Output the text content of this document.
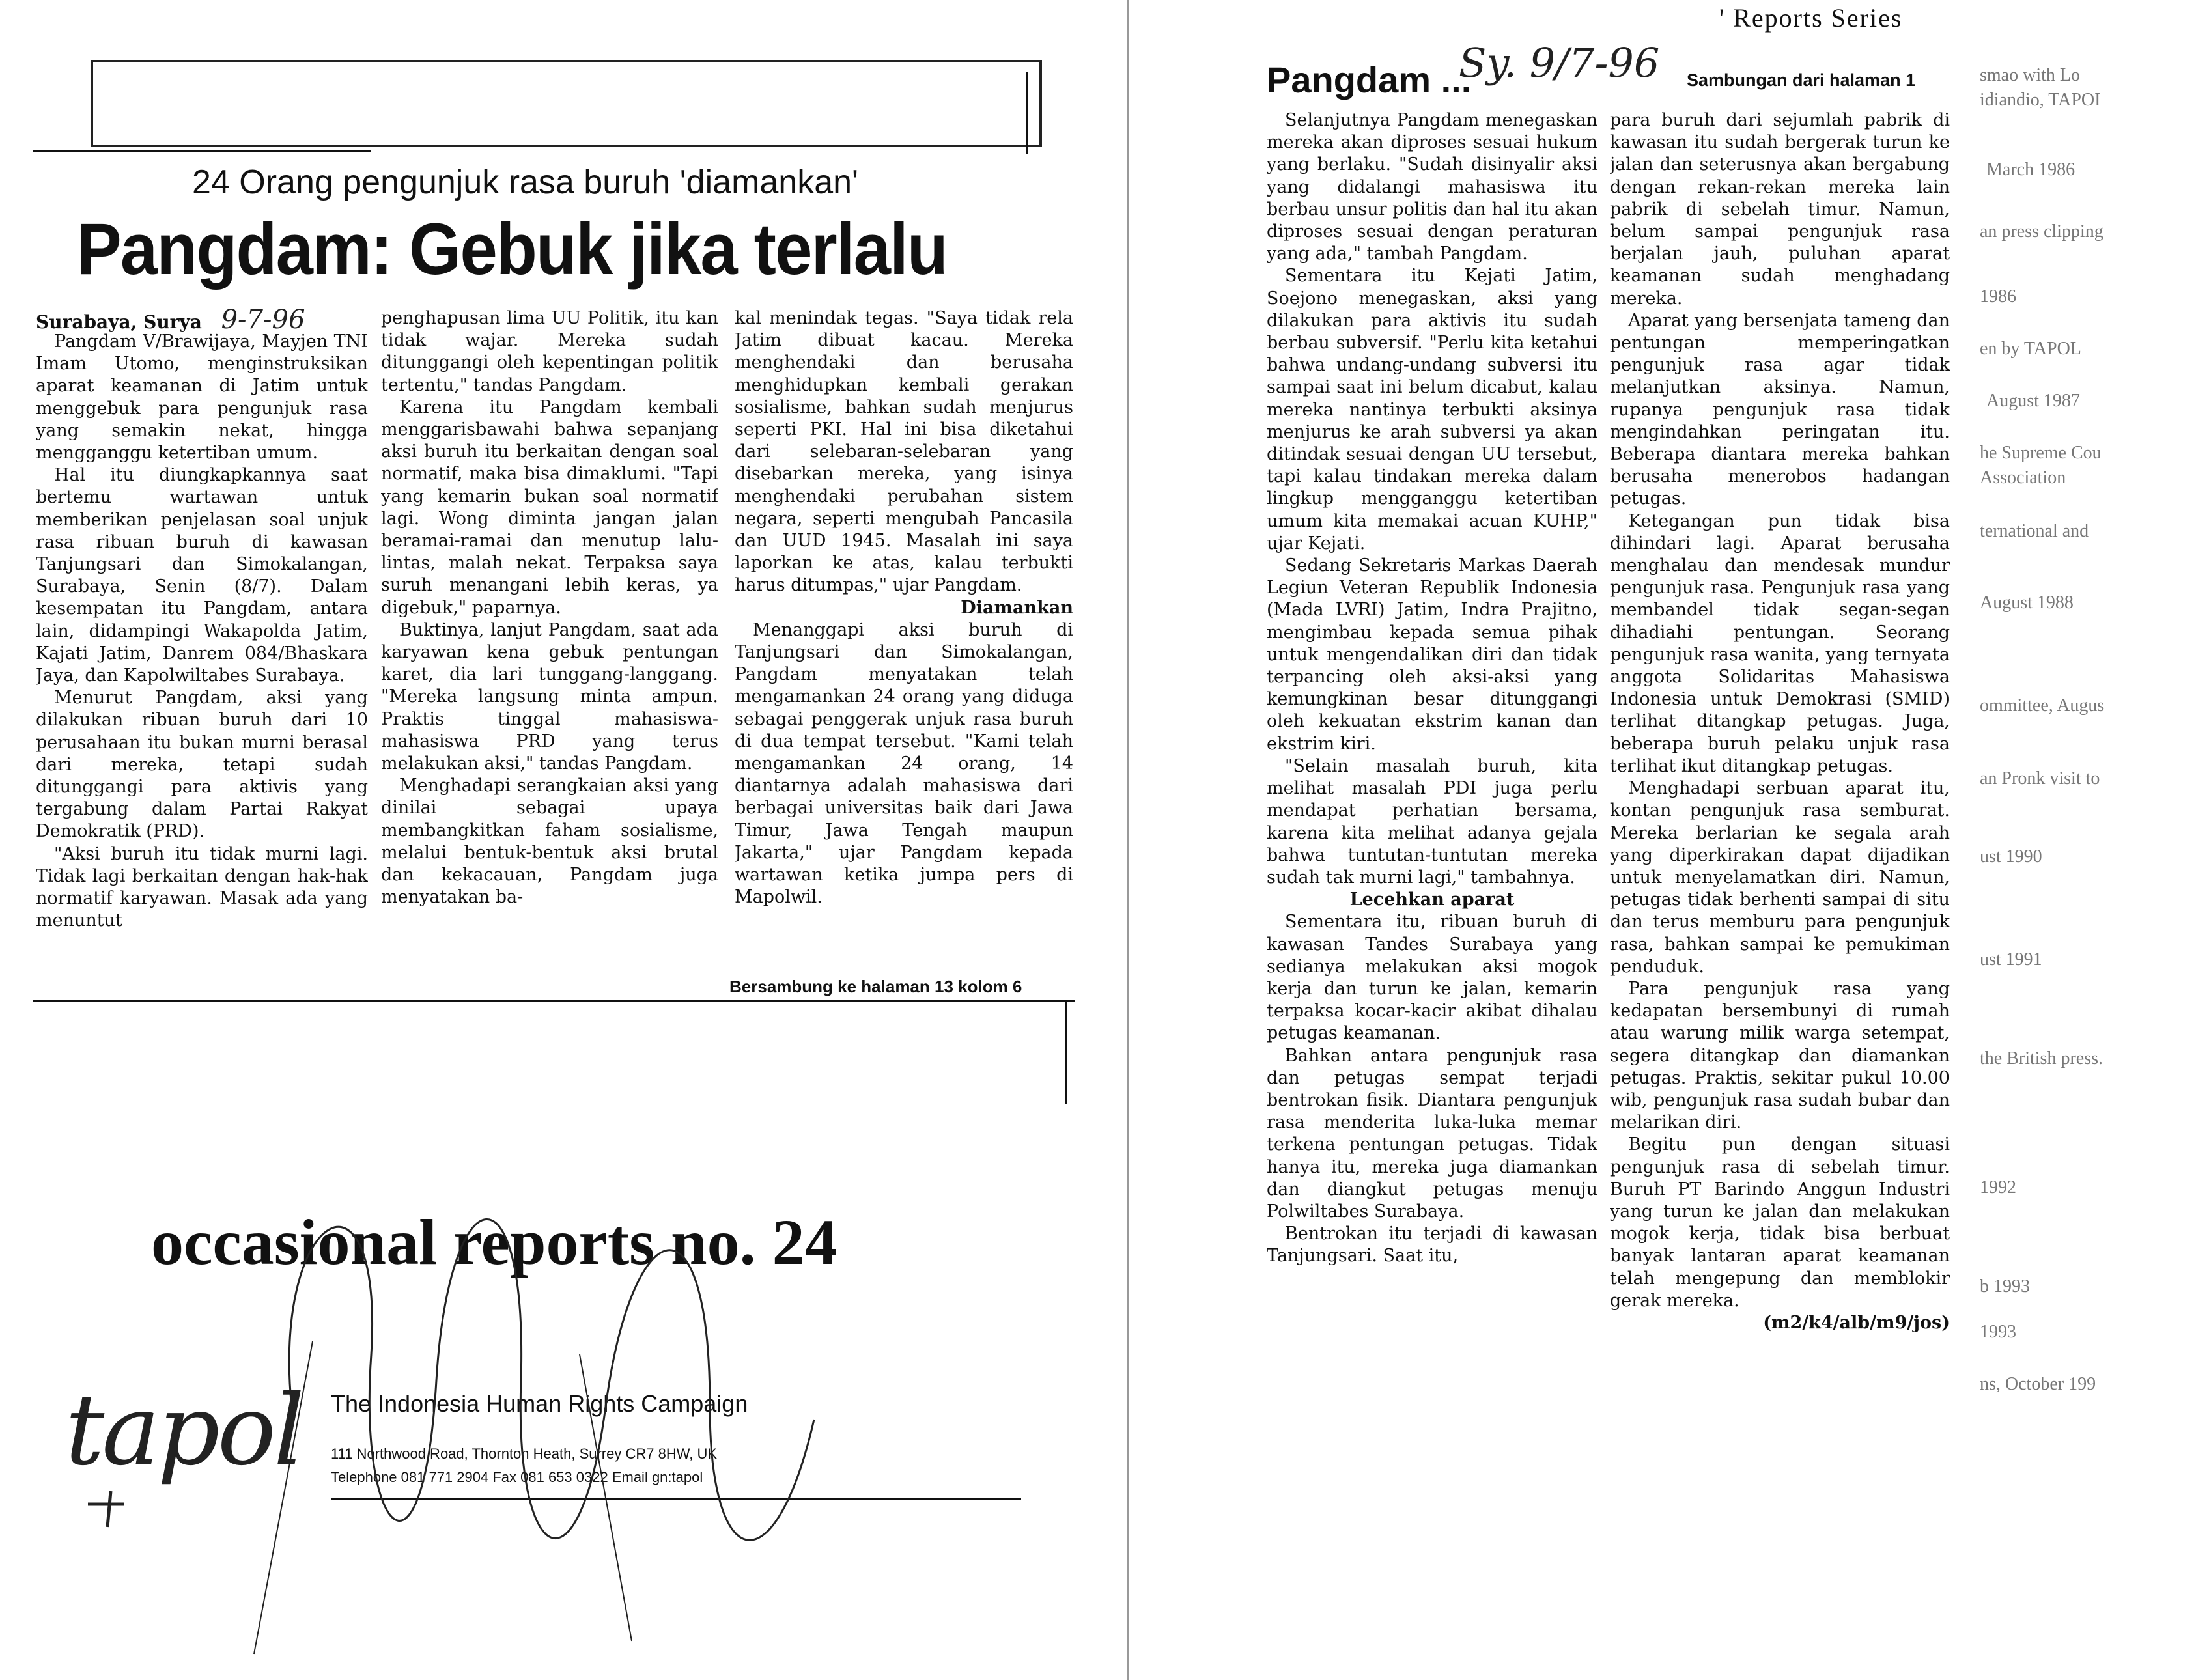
24 Orang pengunjuk rasa buruh 'diamankan'
Pangdam: Gebuk jika terlalu
Surabaya, Surya 9-7-96

Pangdam V/Brawijaya, Mayjen TNI Imam Utomo, menginstruksikan aparat keamanan di Jatim untuk menggebuk para pengunjuk rasa yang semakin nekat, hingga mengganggu ketertiban umum.

Hal itu diungkapkannya saat bertemu wartawan untuk memberikan penjelasan soal unjuk rasa ribuan buruh di kawasan Tanjungsari dan Simokalangan, Surabaya, Senin (8/7). Dalam kesempatan itu Pangdam, antara lain, didampingi Wakapolda Jatim, Kajati Jatim, Danrem 084/Bhaskara Jaya, dan Kapolwiltabes Surabaya.

Menurut Pangdam, aksi yang dilakukan ribuan buruh dari 10 perusahaan itu bukan murni berasal dari mereka, tetapi sudah ditunggangi para aktivis yang tergabung dalam Partai Rakyat Demokratik (PRD).

"Aksi buruh itu tidak murni lagi. Tidak lagi berkaitan dengan hak-hak normatif karyawan. Masak ada yang menuntut

penghapusan lima UU Politik, itu kan tidak wajar. Mereka sudah ditunggangi oleh kepentingan politik tertentu," tandas Pangdam.

Karena itu Pangdam kembali menggarisbawahi bahwa sepanjang aksi buruh itu berkaitan dengan soal normatif, maka bisa dimaklumi. "Tapi yang kemarin bukan soal normatif lagi. Wong diminta jangan jalan beramai-ramai dan menutup lalu-lintas, malah nekat. Terpaksa saya suruh menangani lebih keras, ya digebuk," paparnya.

Buktinya, lanjut Pangdam, saat ada karyawan kena gebuk pentungan karet, dia lari tunggang-langgang. "Mereka langsung minta ampun. Praktis tinggal mahasiswa-mahasiswa PRD yang terus melakukan aksi," tandas Pangdam.

Menghadapi serangkaian aksi yang dinilai sebagai upaya membangkitkan faham sosialisme, melalui bentuk-bentuk aksi brutal dan kekacauan, Pangdam juga menyatakan ba-

kal menindak tegas. "Saya tidak rela Jatim dibuat kacau. Mereka menghendaki dan berusaha menghidupkan kembali gerakan sosialisme, bahkan sudah menjurus seperti PKI. Hal ini bisa diketahui dari selebaran-selebaran yang disebarkan mereka, yang isinya menghendaki perubahan sistem negara, seperti mengubah Pancasila dan UUD 1945. Masalah ini saya laporkan ke atas, kalau terbukti harus ditumpas," ujar Pangdam.

Diamankan

Menanggapi aksi buruh di Tanjungsari dan Simokalangan, Pangdam menyatakan telah mengamankan 24 orang yang diduga sebagai penggerak unjuk rasa buruh di dua tempat tersebut. "Kami telah mengamankan 24 orang, 14 diantarnya adalah mahasiswa dari berbagai universitas baik dari Jawa Timur, Jawa Tengah maupun Jakarta," ujar Pangdam kepada wartawan ketika jumpa pers di Mapolwil.

Bersambung ke halaman 13 kolom 6
occasional reports no. 24
The Indonesia Human Rights Campaign
111 Northwood Road, Thornton Heath, Surrey CR7 8HW, UK
Telephone 081 771 2904 Fax 081 653 0322 Email gn:tapol
tapol
' Reports Series
Pangdam ...
Sy. 9/7-96 Sambungan dari halaman 1

Selanjutnya Pangdam menegaskan mereka akan diproses sesuai hukum yang berlaku. "Sudah disinyalir aksi yang didalangi mahasiswa itu berbau unsur politis dan hal itu akan diproses sesuai dengan peraturan yang ada," tambah Pangdam.

Sementara itu Kejati Jatim, Soejono menegaskan, aksi yang dilakukan para aktivis itu sudah berbau subversif. "Perlu kita ketahui bahwa undang-undang subversi itu sampai saat ini belum dicabut, kalau mereka nantinya terbukti aksinya menjurus ke arah subversi ya akan ditindak sesuai dengan UU tersebut, tapi kalau tindakan mereka dalam lingkup mengganggu ketertiban umum kita memakai acuan KUHP," ujar Kejati.

Sedang Sekretaris Markas Daerah Legiun Veteran Republik Indonesia (Mada LVRI) Jatim, Indra Prajitno, mengimbau kepada semua pihak untuk mengendalikan diri dan tidak terpancing oleh aksi-aksi yang kemungkinan besar ditunggangi oleh kekuatan ekstrim kanan dan ekstrim kiri.

"Selain masalah buruh, kita melihat masalah PDI juga perlu mendapat perhatian bersama, karena kita melihat adanya gejala bahwa tuntutan-tuntutan mereka sudah tak murni lagi," tambahnya.

Lecehkan aparat

Sementara itu, ribuan buruh di kawasan Tandes Surabaya yang sedianya melakukan aksi mogok kerja dan turun ke jalan, kemarin terpaksa kocar-kacir akibat dihalau petugas keamanan.

Bahkan antara pengunjuk rasa dan petugas sempat terjadi bentrokan fisik. Diantara pengunjuk rasa menderita luka-luka memar terkena pentungan petugas. Tidak hanya itu, mereka juga diamankan dan diangkut petugas menuju Polwiltabes Surabaya.

Bentrokan itu terjadi di kawasan Tanjungsari. Saat itu,

para buruh dari sejumlah pabrik di kawasan itu sudah bergerak turun ke jalan dan seterusnya akan bergabung dengan rekan-rekan mereka lain pabrik di sebelah timur. Namun, belum sampai pengunjuk rasa berjalan jauh, puluhan aparat keamanan sudah menghadang mereka.

Aparat yang bersenjata tameng dan pentungan memperingatkan pengunjuk rasa agar tidak melanjutkan aksinya. Namun, rupanya pengunjuk rasa tidak mengindahkan peringatan itu. Beberapa diantara mereka bahkan berusaha menerobos hadangan petugas.

Ketegangan pun tidak bisa dihindari lagi. Aparat berusaha menghalau dan mendesak mundur pengunjuk rasa. Pengunjuk rasa yang membandel tidak segan-segan dihadiahi pentungan. Seorang pengunjuk rasa wanita, yang ternyata anggota Solidaritas Mahasiswa Indonesia untuk Demokrasi (SMID) terlihat ditangkap petugas. Juga, beberapa buruh pelaku unjuk rasa terlihat ikut ditangkap petugas.

Menghadapi serbuan aparat itu, kontan pengunjuk rasa semburat. Mereka berlarian ke segala arah yang diperkirakan dapat dijadikan untuk menyelamatkan diri. Namun, petugas tidak berhenti sampai di situ dan terus memburu para pengunjuk rasa, bahkan sampai ke pemukiman penduduk.

Para pengunjuk rasa yang kedapatan bersembunyi di rumah atau warung milik warga setempat, segera ditangkap dan diamankan petugas. Praktis, sekitar pukul 10.00 wib, pengunjuk rasa sudah bubar dan melarikan diri.

Begitu pun dengan situasi pengunjuk rasa di sebelah timur. Buruh PT Barindo Anggun Industri yang turun ke jalan dan melakukan mogok kerja, tidak bisa berbuat banyak lantaran aparat keamanan telah mengepung dan memblokir gerak mereka.

(m2/k4/alb/m9/jos)

smao with Lo
idiandio, TAPOI
March 1986
an press clipping
1986
en by TAPOL
August 1987
he Supreme Cou
Association
ternational and
August 1988
ommittee, Augus
an Pronk visit to
ust 1990
ust 1991
the British press.
1992
b 1993
1993
ns, October 199
